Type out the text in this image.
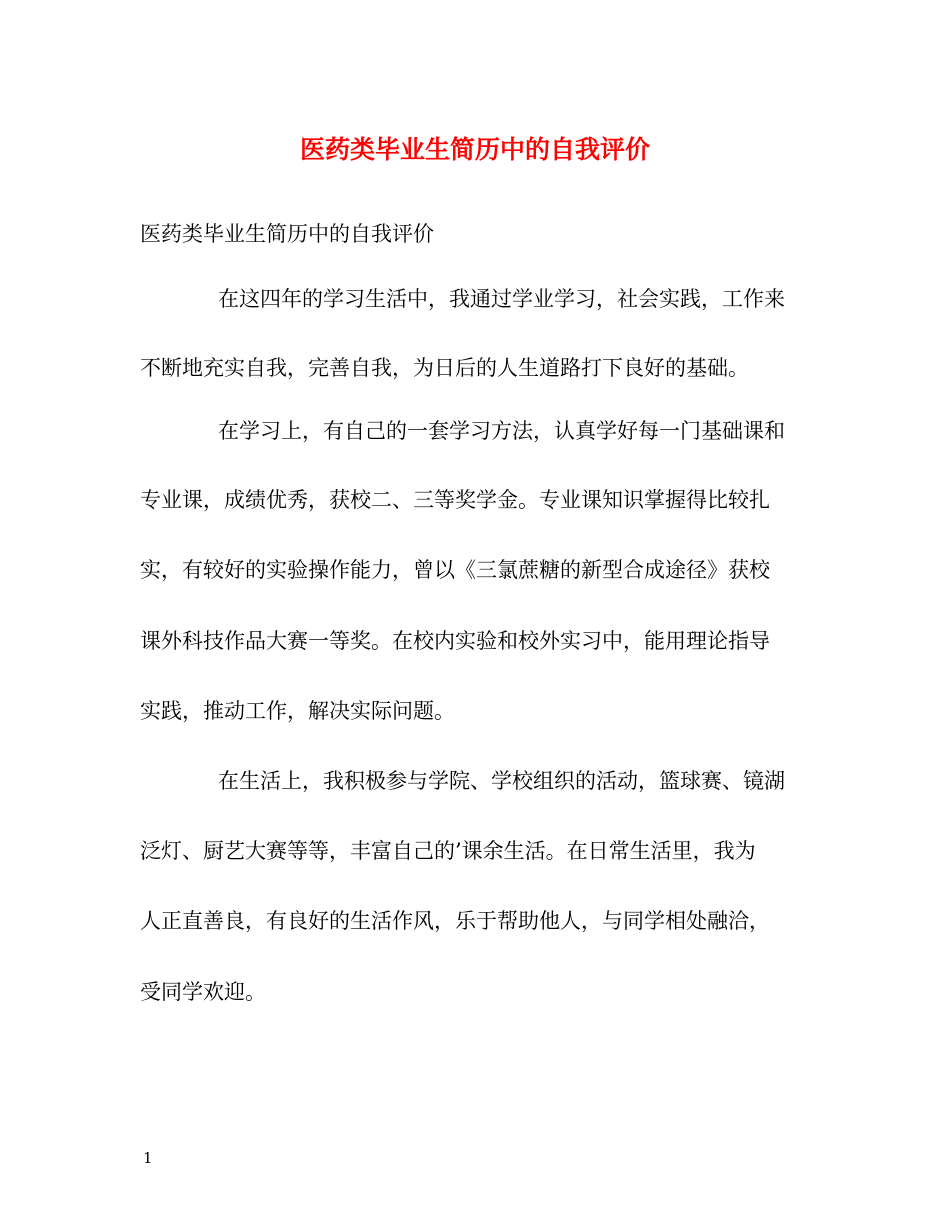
医药类毕业生简历中的自我评价
医药类毕业生简历中的自我评价
在这四年的学习生活中，我通过学业学习，社会实践，工作来
不断地充实自我，完善自我，为日后的人生道路打下良好的基础。
在学习上，有自己的一套学习方法，认真学好每一门基础课和
专业课，成绩优秀，获校二、三等奖学金。专业课知识掌握得比较扎
实，有较好的实验操作能力，曾以《三氯蔗糖的新型合成途径》获校
课外科技作品大赛一等奖。在校内实验和校外实习中，能用理论指导
实践，推动工作，解决实际问题。
在生活上，我积极参与学院、学校组织的活动，篮球赛、镜湖
泛灯、厨艺大赛等等，丰富自己的’课余生活。在日常生活里，我为
人正直善良，有良好的生活作风，乐于帮助他人，与同学相处融洽，
受同学欢迎。
1
